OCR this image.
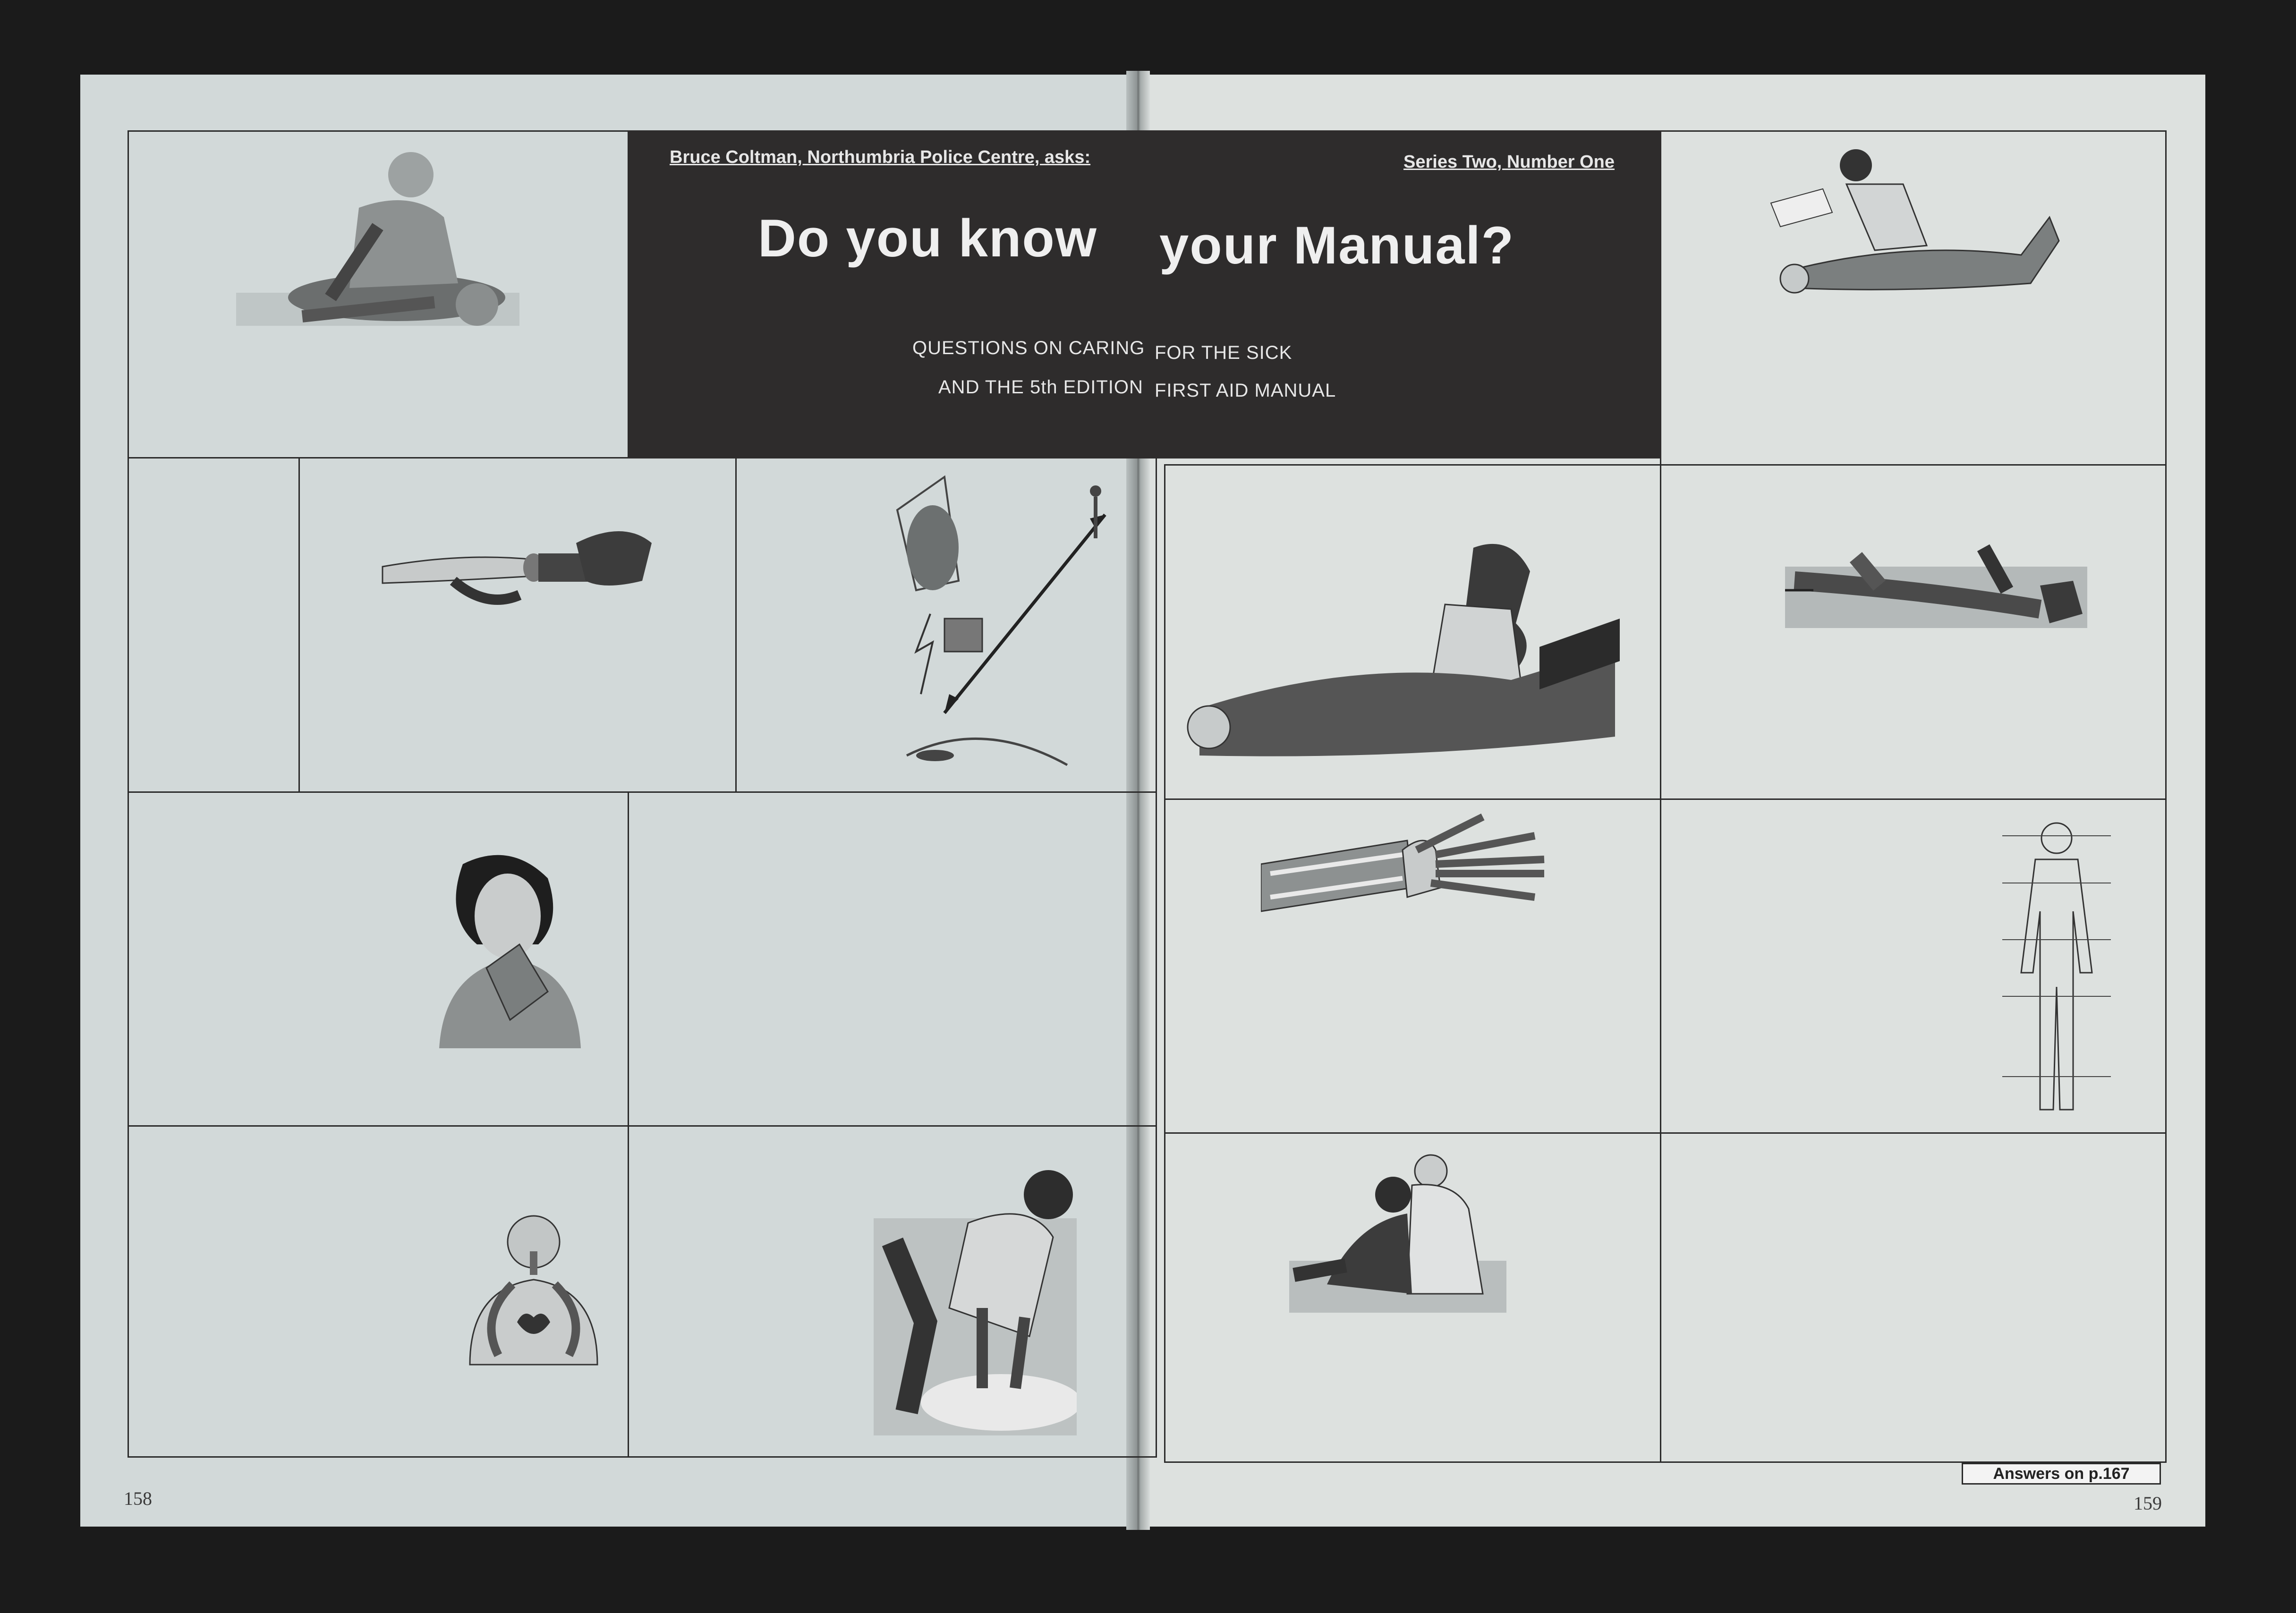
Bruce Coltman, Northumbria Police Centre, asks:	Series Two, Number One
Do you know your Manual?
QUESTIONS ON CARING FOR THE SICK
AND THE 5th EDITION FIRST AID MANUAL
Answers on p.167
158	159
